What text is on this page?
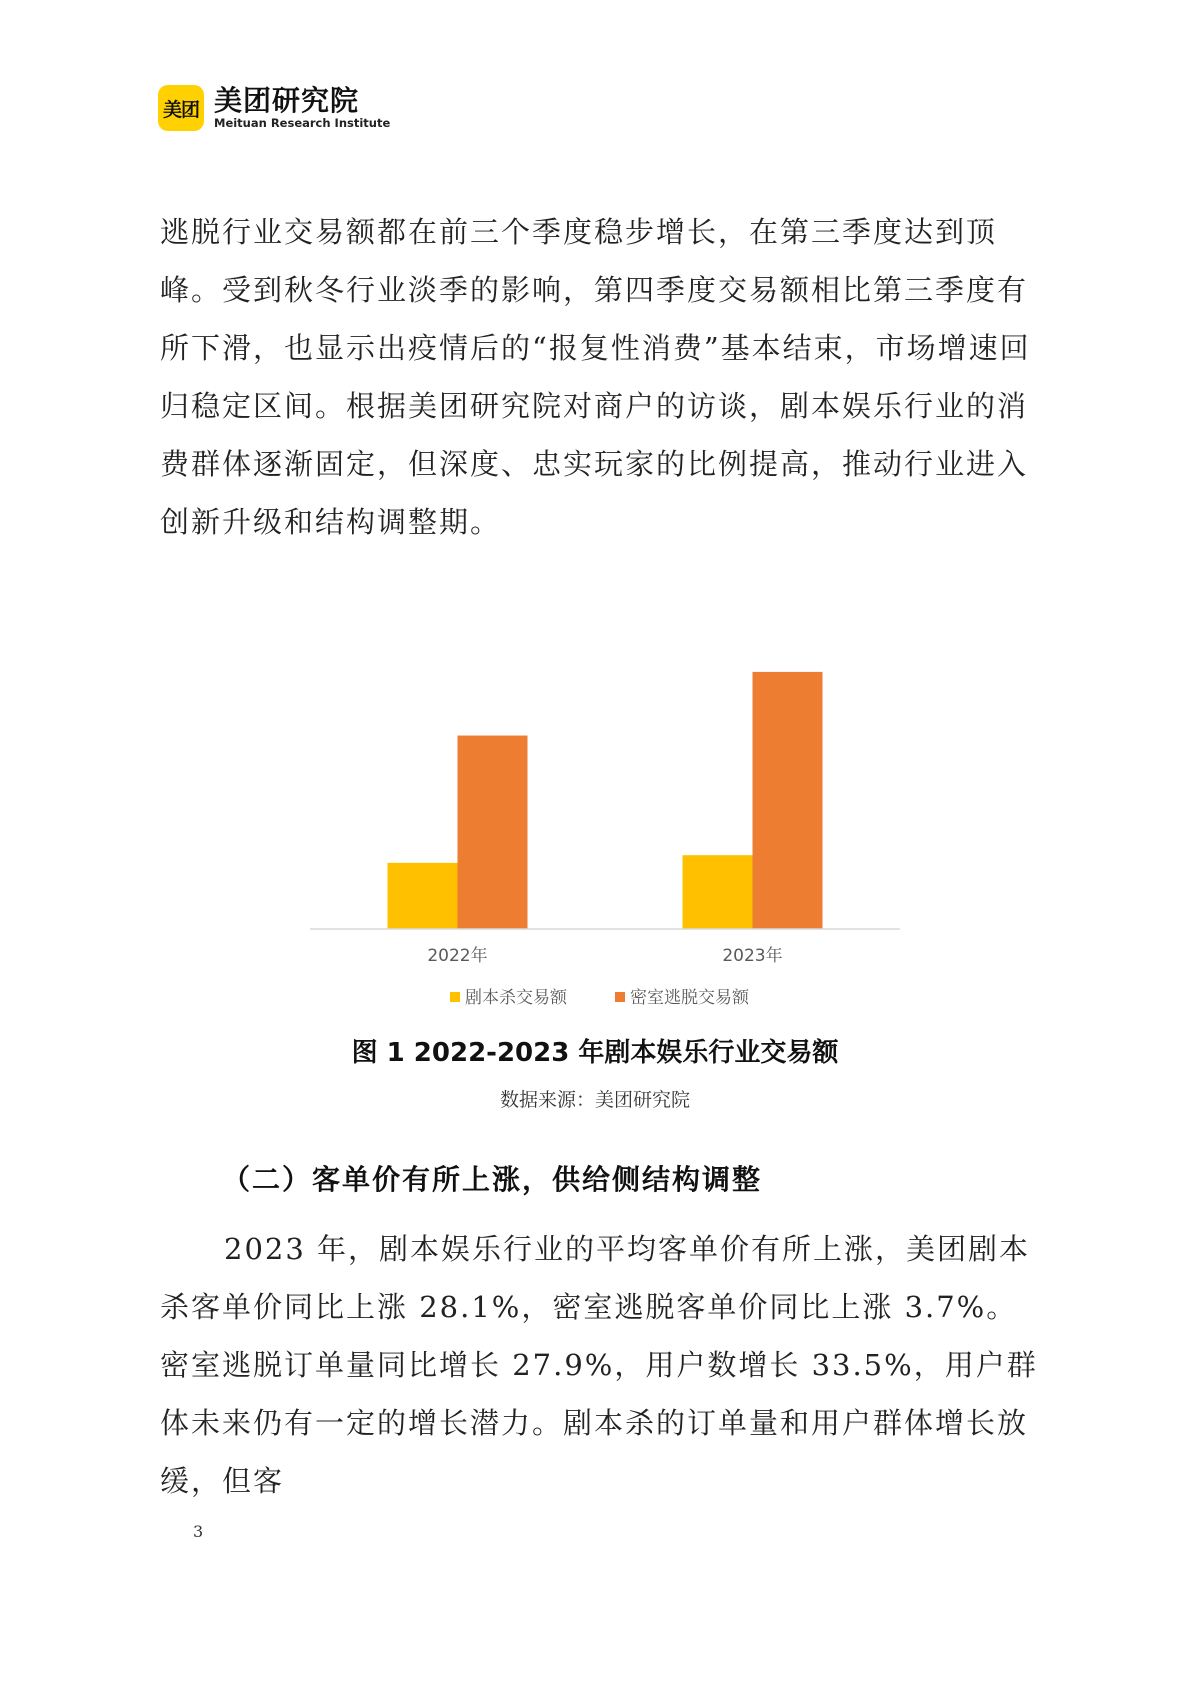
美团 美团研究院
Meituan Research Institute

逃脱行业交易额都在前三个季度稳步增长，在第三季度达到顶峰。受到秋冬行业淡季的影响，第四季度交易额相比第三季度有所下滑，也显示出疫情后的“报复性消费”基本结束，市场增速回归稳定区间。根据美团研究院对商户的访谈，剧本娱乐行业的消费群体逐渐固定，但深度、忠实玩家的比例提高，推动行业进入创新升级和结构调整期。

2022年	2023年
剧本杀交易额	密室逃脱交易额

图 1 2022-2023 年剧本娱乐行业交易额

数据来源：美团研究院

（二）客单价有所上涨，供给侧结构调整

2023 年，剧本娱乐行业的平均客单价有所上涨，美团剧本杀客单价同比上涨 28.1%，密室逃脱客单价同比上涨 3.7%。密室逃脱订单量同比增长 27.9%，用户数增长 33.5%，用户群体未来仍有一定的增长潜力。剧本杀的订单量和用户群体增长放缓，但客

3
